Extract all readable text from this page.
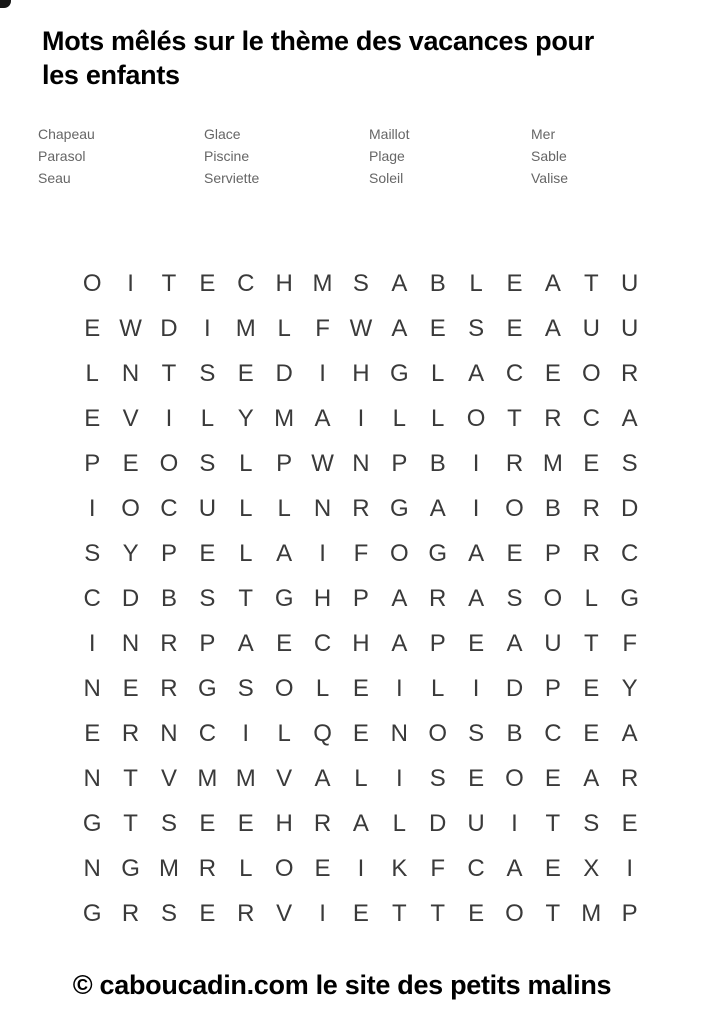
Mots mêlés sur le thème des vacances pour
les enfants
Chapeau
Parasol
Seau
Glace
Piscine
Serviette
Maillot
Plage
Soleil
Mer
Sable
Valise
O	I	T E C H M S A B L E A T U
E W D	I	M L	F W A E S E A U U
L N T S E D	I	H G L A C E O R
E V	I	L Y M A	I	L	L O T R C A
P E O S L P W N P B	I	R M E S
I	O C U L	L N R G A	I	O B R D
S Y P E L A	I	F O G A E P R C
C D B S T G H P A R A S O L G
I	N R P A E C H A P E A U T F
N E R G S O L E	I	L	I	D P E Y
E R N C	I	L Q E N O S B C E A
N T V M M V A L	I	S E O E A R
G T S E E H R A L D U	I	T S E
N G M R L O E	I	K F C A E X	I
G R S E R V	I	E T T E O T M P
© caboucadin.com le site des petits malins
